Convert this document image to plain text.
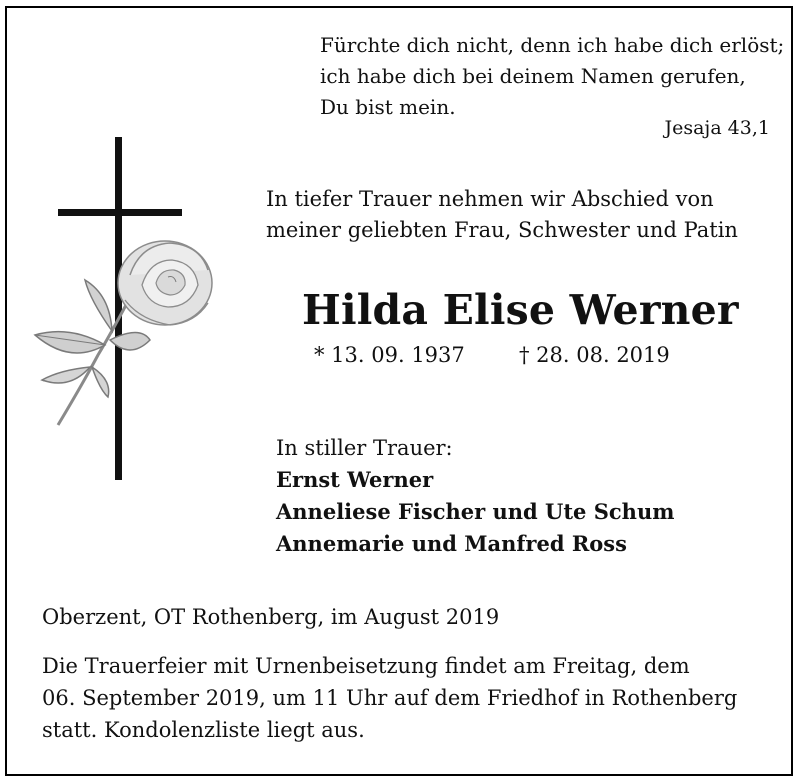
Fürchte dich nicht, denn ich habe dich erlöst;
ich habe dich bei deinem Namen gerufen,
Du bist mein.
Jesaja 43,1
In tiefer Trauer nehmen wir Abschied von
meiner geliebten Frau, Schwester und Patin
Hilda Elise Werner
* 13. 09. 1937	† 28. 08. 2019
In stiller Trauer:
Ernst Werner
Anneliese Fischer und Ute Schum
Annemarie und Manfred Ross
Oberzent, OT Rothenberg, im August 2019
Die Trauerfeier mit Urnenbeisetzung findet am Freitag, dem
06. September 2019, um 11 Uhr auf dem Friedhof in Rothenberg
statt. Kondolenzliste liegt aus.
